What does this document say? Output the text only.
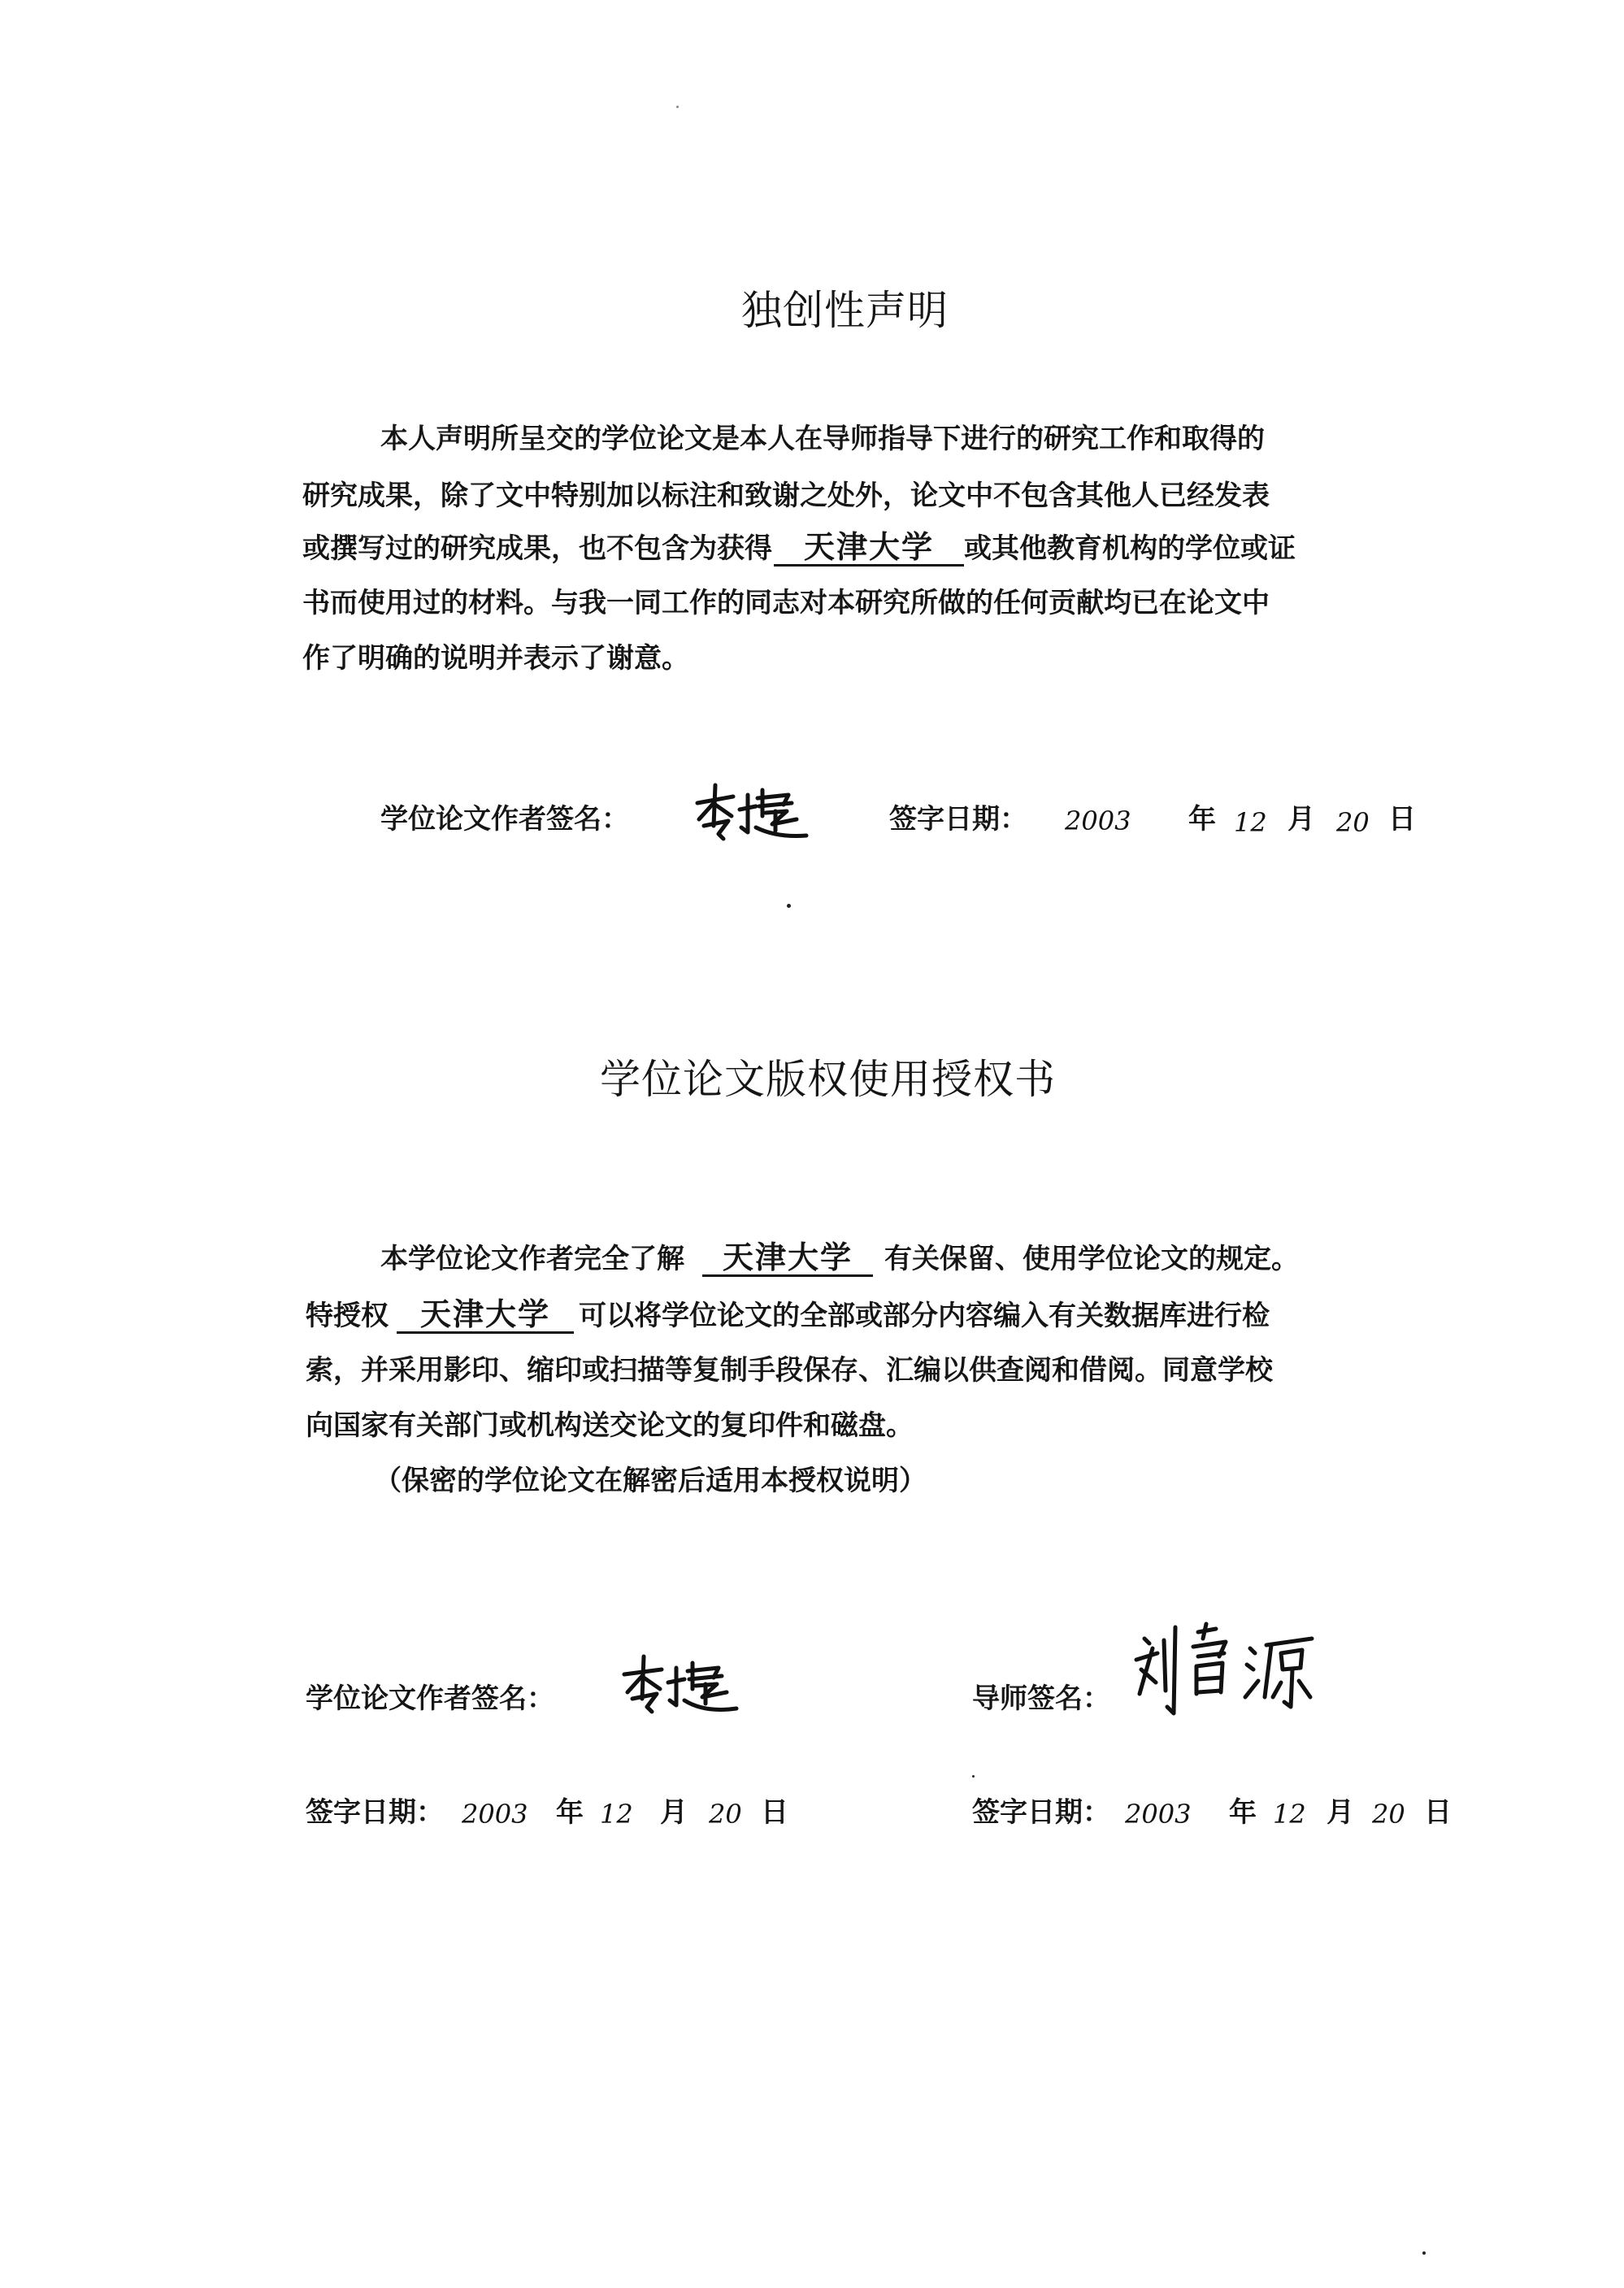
独创性声明
本人声明所呈交的学位论文是本人在导师指导下进行的研究工作和取得的
研究成果，除了文中特别加以标注和致谢之处外，论文中不包含其他人已经发表
或撰写过的研究成果，也不包含为获得 天津大学 或其他教育机构的学位或证
书而使用过的材料。与我一同工作的同志对本研究所做的任何贡献均已在论文中
作了明确的说明并表示了谢意。
学位论文作者签名：	签字日期： 2003 年 12 月 20 日
学位论文版权使用授权书
本学位论文作者完全了解 天津大学 有关保留、使用学位论文的规定。
特授权 天津大学 可以将学位论文的全部或部分内容编入有关数据库进行检
索，并采用影印、缩印或扫描等复制手段保存、汇编以供查阅和借阅。同意学校
向国家有关部门或机构送交论文的复印件和磁盘。
（保密的学位论文在解密后适用本授权说明）
学位论文作者签名：	导师签名：
签字日期： 2003 年 12 月 20 日	签字日期： 2003 年 12 月 20 日
